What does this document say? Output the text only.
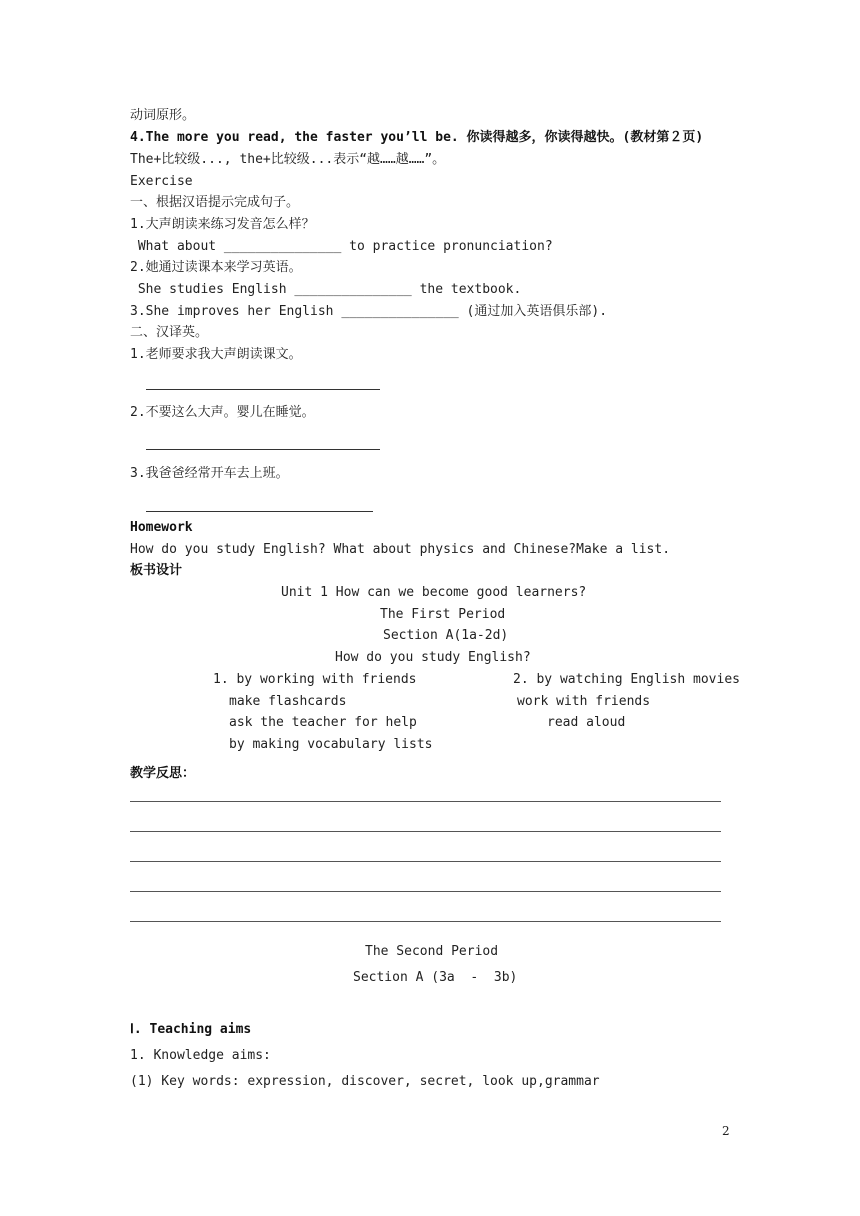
动词原形。
4.The more you read, the faster you’ll be. 你读得越多，你读得越快。(教材第２页)
The+比较级..., the+比较级...表示“越……越……”。
Exercise
一、根据汉语提示完成句子。
1.大声朗读来练习发音怎么样？
What about _______________ to practice pronunciation?
2.她通过读课本来学习英语。
She studies English _______________ the textbook.
3.She improves her English _______________ (通过加入英语俱乐部).
二、汉译英。
1.老师要求我大声朗读课文。
2.不要这么大声。婴儿在睡觉。
3.我爸爸经常开车去上班。
Homework
How do you study English? What about physics and Chinese?Make a list.
板书设计
Unit 1 How can we become good learners?
The First Period
Section A(1a-2d)
How do you study English?
1. by working with friends
make flashcards
ask the teacher for help
by making vocabulary lists
2. by watching English movies
work with friends
read aloud
教学反思：
The Second Period
Section A (3a  -  3b)
Ⅰ. Teaching aims
1. Knowledge aims:
(1) Key words: expression, discover, secret, look up,grammar
2
